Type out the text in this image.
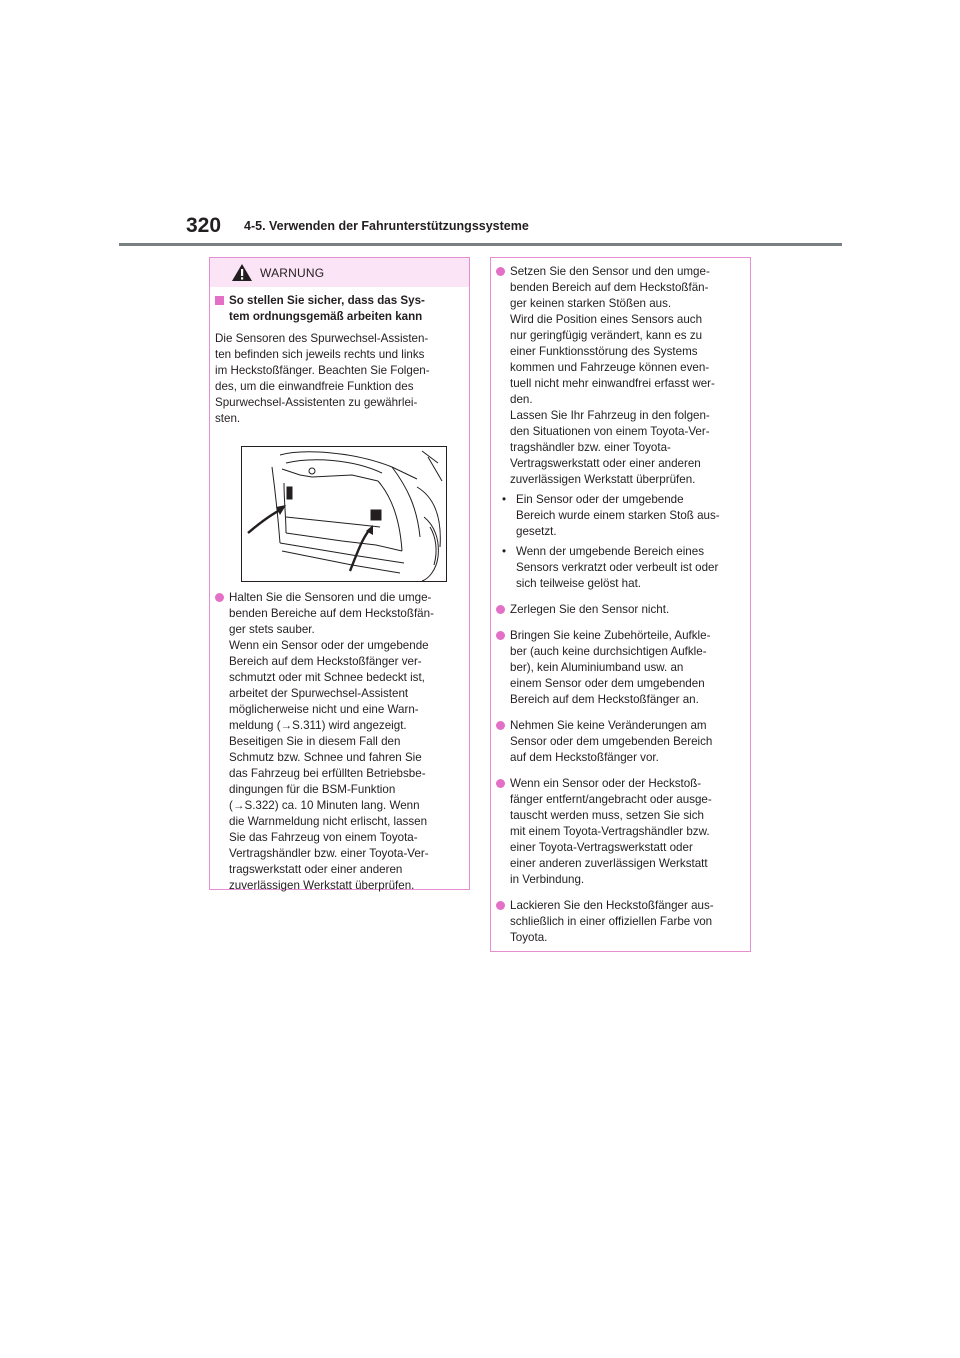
320 4-5. Verwenden der Fahrunterstützungssysteme
WARNUNG

So stellen Sie sicher, dass das Sys-
tem ordnungsgemäß arbeiten kann

Die Sensoren des Spurwechsel-Assisten-
ten befinden sich jeweils rechts und links
im Heckstoßfänger. Beachten Sie Folgen-
des, um die einwandfreie Funktion des
Spurwechsel-Assistenten zu gewährlei-
sten.

Halten Sie die Sensoren und die umge-
benden Bereiche auf dem Heckstoßfän-
ger stets sauber.
Wenn ein Sensor oder der umgebende
Bereich auf dem Heckstoßfänger ver-
schmutzt oder mit Schnee bedeckt ist,
arbeitet der Spurwechsel-Assistent
möglicherweise nicht und eine Warn-
meldung (→S.311) wird angezeigt.
Beseitigen Sie in diesem Fall den
Schmutz bzw. Schnee und fahren Sie
das Fahrzeug bei erfüllten Betriebsbe-
dingungen für die BSM-Funktion
(→S.322) ca. 10 Minuten lang. Wenn
die Warnmeldung nicht erlischt, lassen
Sie das Fahrzeug von einem Toyota-
Vertragshändler bzw. einer Toyota-Ver-
tragswerkstatt oder einer anderen
zuverlässigen Werkstatt überprüfen.

Setzen Sie den Sensor und den umge-
benden Bereich auf dem Heckstoßfän-
ger keinen starken Stößen aus.
Wird die Position eines Sensors auch
nur geringfügig verändert, kann es zu
einer Funktionsstörung des Systems
kommen und Fahrzeuge können even-
tuell nicht mehr einwandfrei erfasst wer-
den.
Lassen Sie Ihr Fahrzeug in den folgen-
den Situationen von einem Toyota-Ver-
tragshändler bzw. einer Toyota-
Vertragswerkstatt oder einer anderen
zuverlässigen Werkstatt überprüfen.

• Ein Sensor oder der umgebende
Bereich wurde einem starken Stoß aus-
gesetzt.

• Wenn der umgebende Bereich eines
Sensors verkratzt oder verbeult ist oder
sich teilweise gelöst hat.

Zerlegen Sie den Sensor nicht.

Bringen Sie keine Zubehörteile, Aufkle-
ber (auch keine durchsichtigen Aufkle-
ber), kein Aluminiumband usw. an
einem Sensor oder dem umgebenden
Bereich auf dem Heckstoßfänger an.

Nehmen Sie keine Veränderungen am
Sensor oder dem umgebenden Bereich
auf dem Heckstoßfänger vor.

Wenn ein Sensor oder der Heckstoß-
fänger entfernt/angebracht oder ausge-
tauscht werden muss, setzen Sie sich
mit einem Toyota-Vertragshändler bzw.
einer Toyota-Vertragswerkstatt oder
einer anderen zuverlässigen Werkstatt
in Verbindung.

Lackieren Sie den Heckstoßfänger aus-
schließlich in einer offiziellen Farbe von
Toyota.
